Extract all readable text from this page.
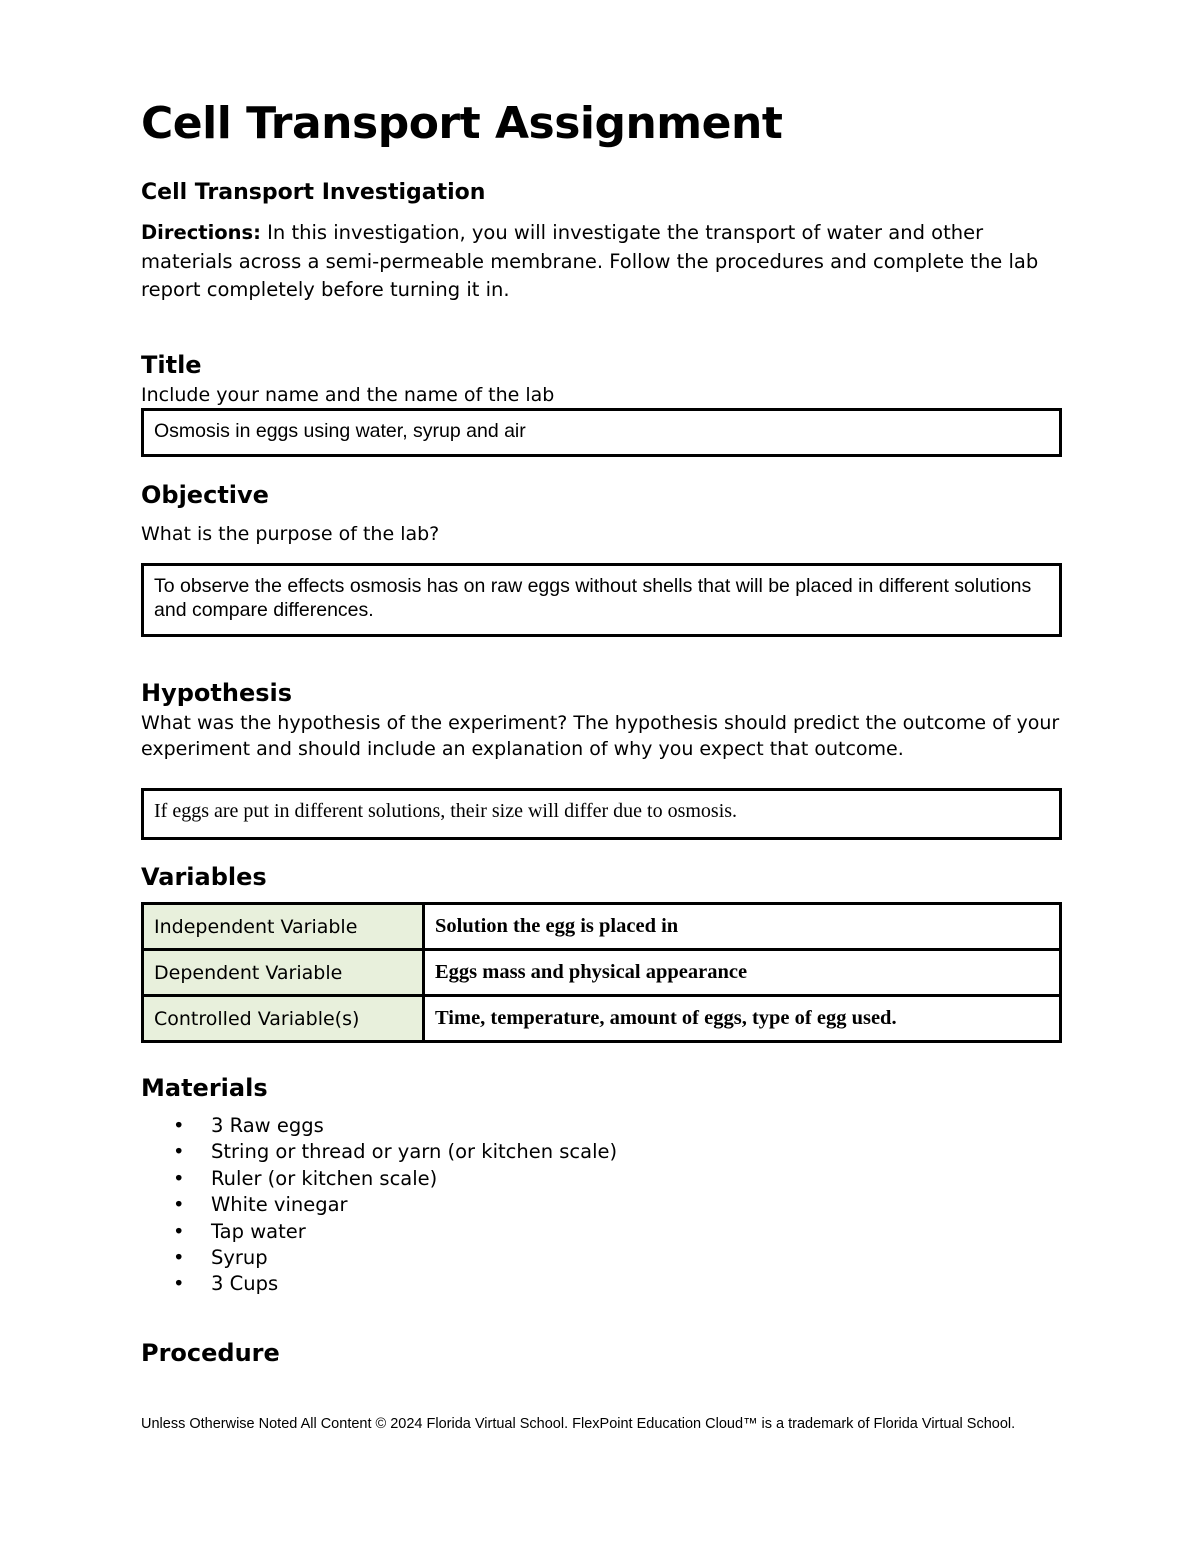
Cell Transport Assignment
Cell Transport Investigation

Directions: In this investigation, you will investigate the transport of water and other materials across a semi-permeable membrane. Follow the procedures and complete the lab report completely before turning it in.

Title

Include your name and the name of the lab

Osmosis in eggs using water, syrup and air
Objective

What is the purpose of the lab?

To observe the effects osmosis has on raw eggs without shells that will be placed in different solutions and compare differences.
Hypothesis

What was the hypothesis of the experiment? The hypothesis should predict the outcome of your experiment and should include an explanation of why you expect that outcome.

If eggs are put in different solutions, their size will differ due to osmosis.
Variables
Independent Variable	Solution the egg is placed in
Dependent Variable	Eggs mass and physical appearance
Controlled Variable(s)	Time, temperature, amount of eggs, type of egg used.
Materials
• 3 Raw eggs
• String or thread or yarn (or kitchen scale)
• Ruler (or kitchen scale)
• White vinegar
• Tap water
• Syrup
• 3 Cups
Procedure

Unless Otherwise Noted All Content © 2024 Florida Virtual School. FlexPoint Education Cloud™ is a trademark of Florida Virtual School.
